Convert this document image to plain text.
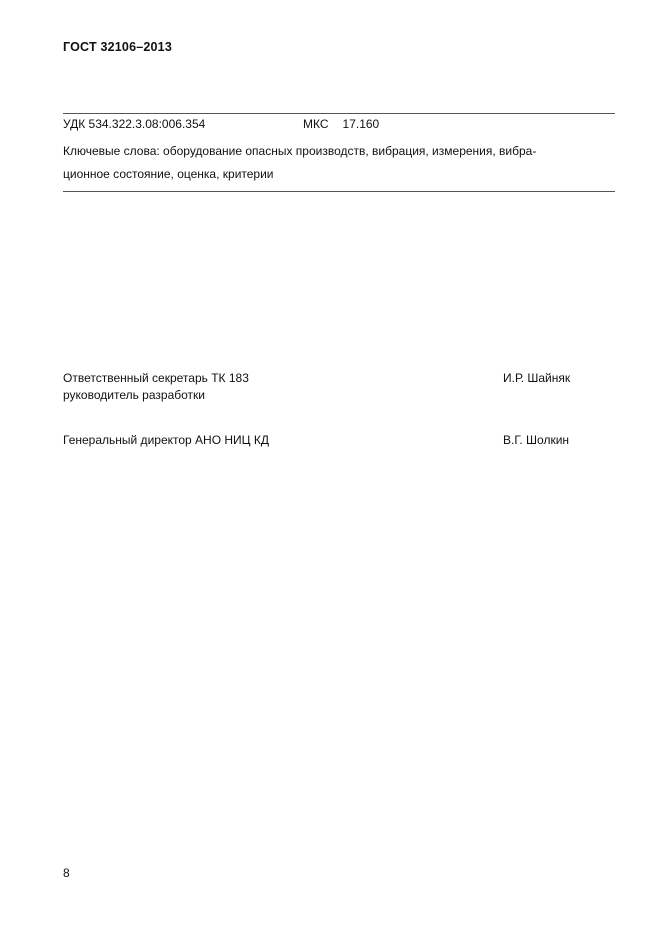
ГОСТ 32106–2013
УДК 534.322.3.08:006.354	МКС 17.160
Ключевые слова: оборудование опасных производств, вибрация, измерения, вибра-
ционное состояние, оценка, критерии
Ответственный секретарь ТК 183
руководитель разработки
И.Р. Шайняк
Генеральный директор АНО НИЦ КД	В.Г. Шолкин
8
